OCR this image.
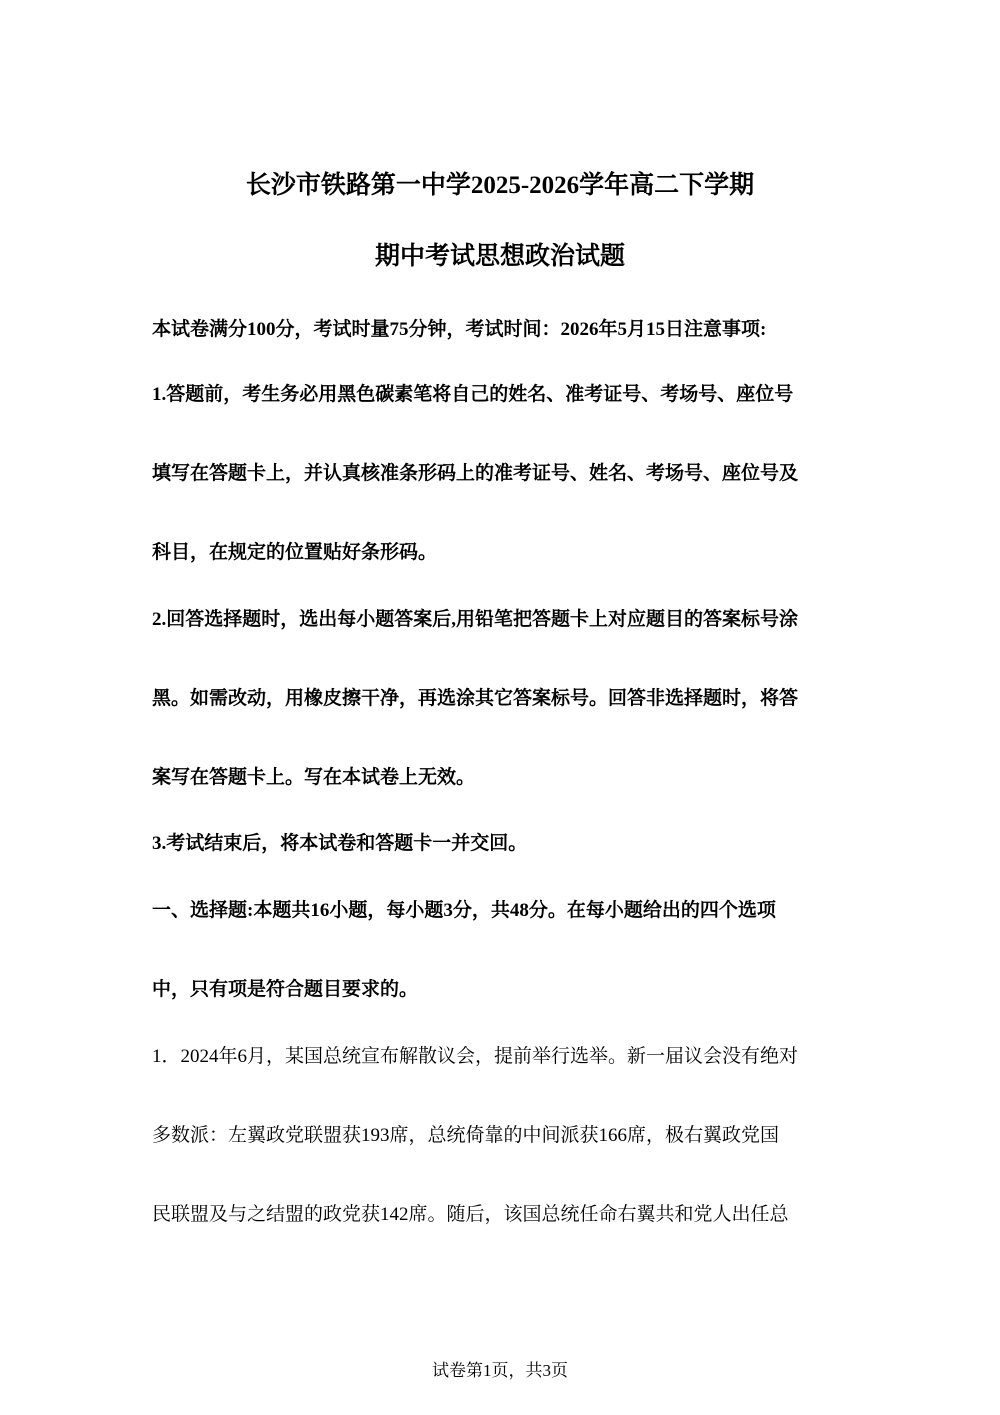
长沙市铁路第一中学2025-2026学年高二下学期
期中考试思想政治试题
本试卷满分100分，考试时量75分钟，考试时间：2026年5月15日注意事项:
1.答题前，考生务必用黑色碳素笔将自己的姓名、准考证号、考场号、座位号
填写在答题卡上，并认真核准条形码上的准考证号、姓名、考场号、座位号及
科目，在规定的位置贴好条形码。
2.回答选择题时，选出每小题答案后,用铅笔把答题卡上对应题目的答案标号涂
黑。如需改动，用橡皮擦干净，再选涂其它答案标号。回答非选择题时，将答
案写在答题卡上。写在本试卷上无效。
3.考试结束后，将本试卷和答题卡一并交回。
一、选择题:本题共16小题，每小题3分，共48分。在每小题给出的四个选项
中，只有项是符合题目要求的。
1．2024年6月，某国总统宣布解散议会，提前举行选举。新一届议会没有绝对
多数派：左翼政党联盟获193席，总统倚靠的中间派获166席，极右翼政党国
民联盟及与之结盟的政党获142席。随后，该国总统任命右翼共和党人出任总
试卷第1页，共3页
